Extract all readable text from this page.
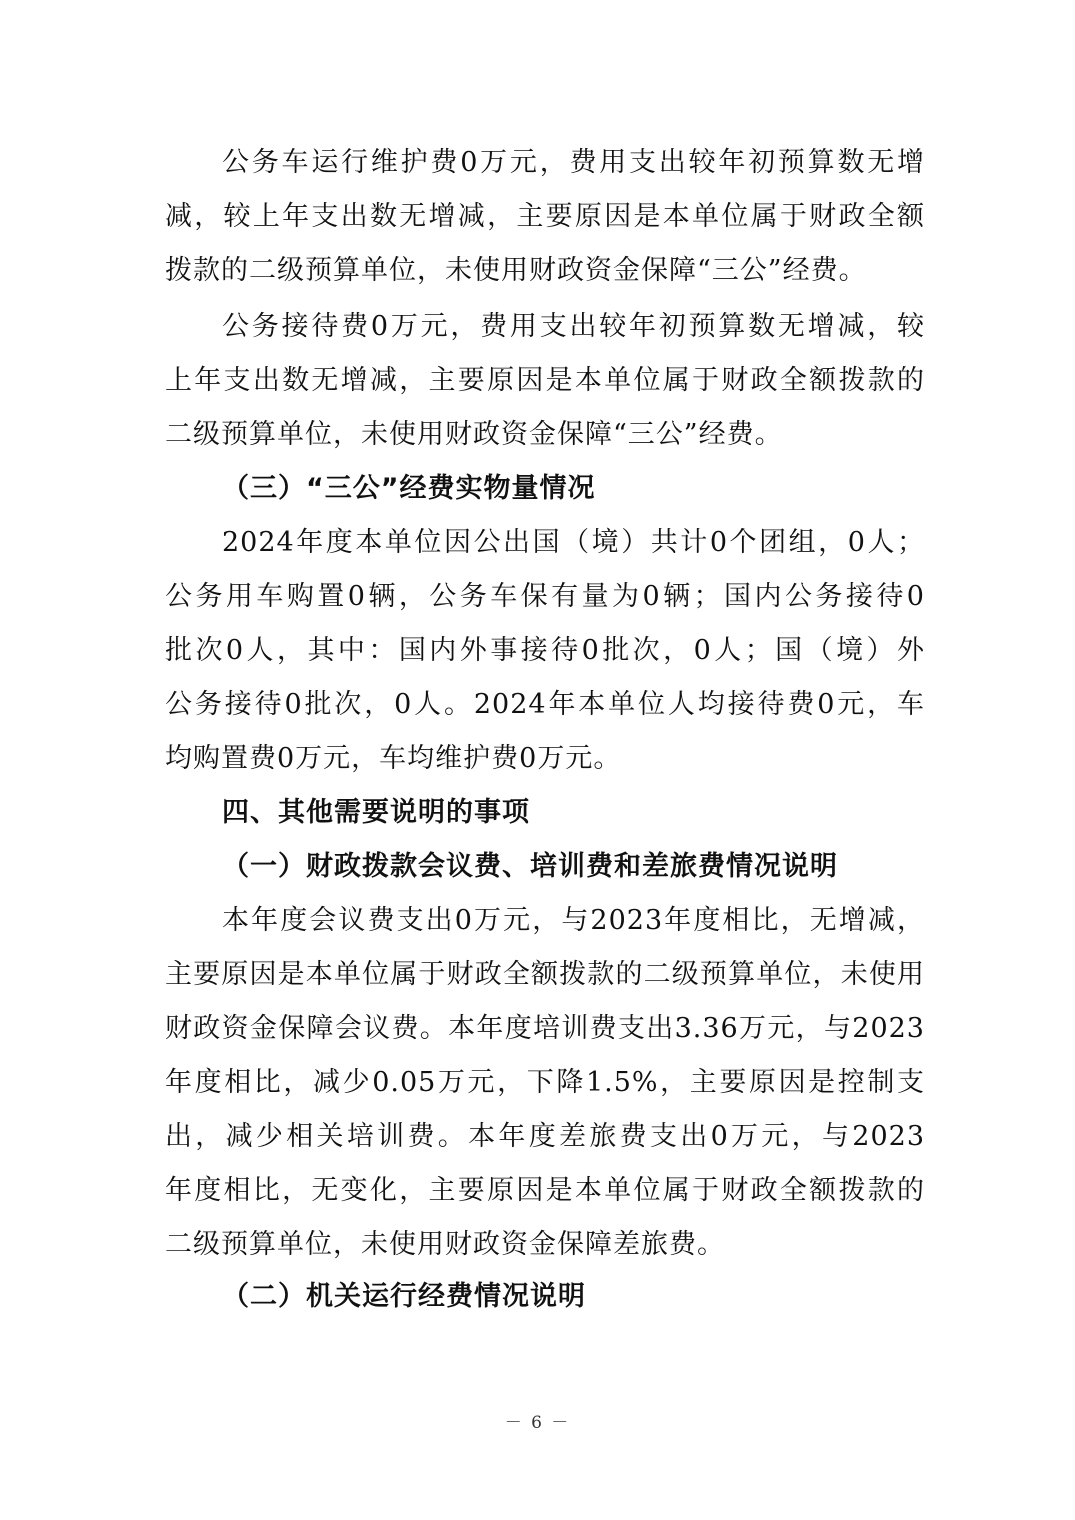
公务车运行维护费0万元，费用支出较年初预算数无增
减，较上年支出数无增减，主要原因是本单位属于财政全额
拨款的二级预算单位，未使用财政资金保障“三公”经费。
公务接待费0万元，费用支出较年初预算数无增减，较
上年支出数无增减，主要原因是本单位属于财政全额拨款的
二级预算单位，未使用财政资金保障“三公”经费。
（三）“三公”经费实物量情况
2024年度本单位因公出国（境）共计0个团组，0人；
公务用车购置0辆，公务车保有量为0辆；国内公务接待0
批次0人，其中：国内外事接待0批次，0人；国（境）外
公务接待0批次，0人。2024年本单位人均接待费0元，车
均购置费0万元，车均维护费0万元。
四、其他需要说明的事项
（一）财政拨款会议费、培训费和差旅费情况说明
本年度会议费支出0万元，与2023年度相比，无增减，
主要原因是本单位属于财政全额拨款的二级预算单位，未使用
财政资金保障会议费。本年度培训费支出3.36万元，与2023
年度相比，减少0.05万元，下降1.5%，主要原因是控制支
出，减少相关培训费。本年度差旅费支出0万元，与2023
年度相比，无变化，主要原因是本单位属于财政全额拨款的
二级预算单位，未使用财政资金保障差旅费。
（二）机关运行经费情况说明
－ 6 －
